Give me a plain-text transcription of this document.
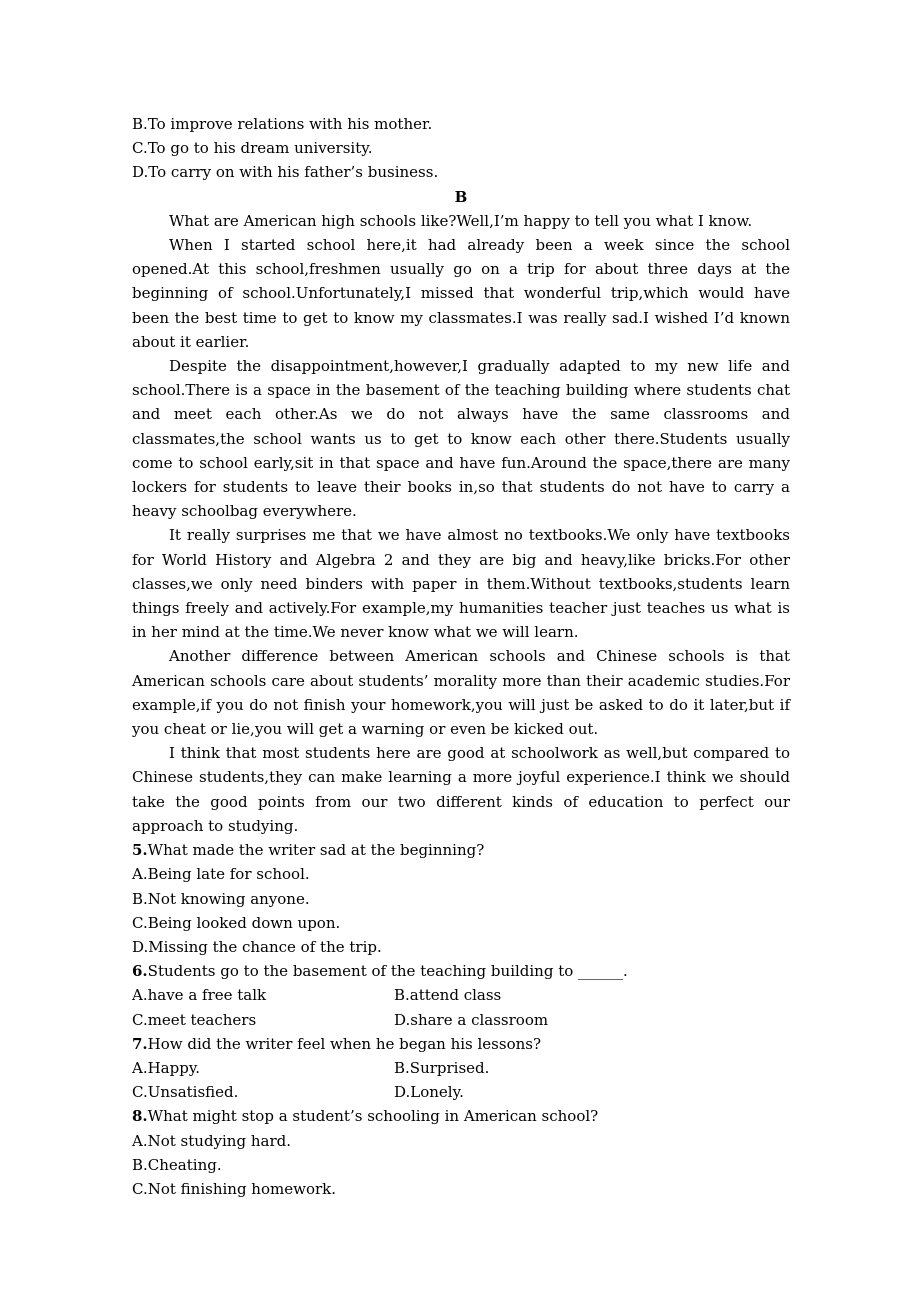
B.To improve relations with his mother.

C.To go to his dream university.

D.To carry on with his father’s business.

B

What are American high schools like?Well,I’m happy to tell you what I know.

When I started school here,it had already been a week since the school opened.At this school,freshmen usually go on a trip for about three days at the beginning of school.Unfortunately,I missed that wonderful trip,which would have been the best time to get to know my classmates.I was really sad.I wished I’d known about it earlier.

Despite the disappointment,however,I gradually adapted to my new life and school.There is a space in the basement of the teaching building where students chat and meet each other.As we do not always have the same classrooms and classmates,the school wants us to get to know each other there.Students usually come to school early,sit in that space and have fun.Around the space,there are many lockers for students to leave their books in,so that students do not have to carry a heavy schoolbag everywhere.

It really surprises me that we have almost no textbooks.We only have textbooks for World History and Algebra 2 and they are big and heavy,like bricks.For other classes,we only need binders with paper in them.Without textbooks,students learn things freely and actively.For example,my humanities teacher just teaches us what is in her mind at the time.We never know what we will learn.

Another difference between American schools and Chinese schools is that American schools care about students’ morality more than their academic studies.For example,if you do not finish your homework,you will just be asked to do it later,but if you cheat or lie,you will get a warning or even be kicked out.

I think that most students here are good at schoolwork as well,but compared to Chinese students,they can make learning a more joyful experience.I think we should take the good points from our two different kinds of education to perfect our approach to studying.

5.What made the writer sad at the beginning?

A.Being late for school.

B.Not knowing anyone.

C.Being looked down upon.

D.Missing the chance of the trip.

6.Students go to the basement of the teaching building to ______.

A.have a free talk	B.attend class
C.meet teachers	D.share a classroom

7.How did the writer feel when he began his lessons?

A.Happy.	B.Surprised.
C.Unsatisfied.	D.Lonely.

8.What might stop a student’s schooling in American school?

A.Not studying hard.

B.Cheating.

C.Not finishing homework.
